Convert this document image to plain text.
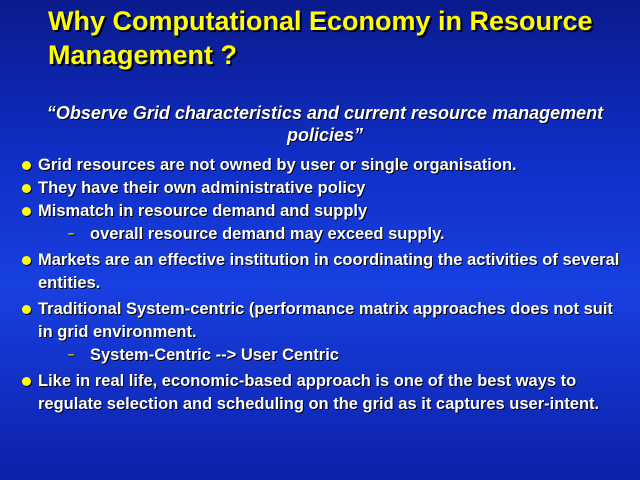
Why Computational Economy in Resource Management ?
“Observe Grid characteristics and current resource management policies”
Grid resources are not owned by user or single organisation.
They have their own administrative policy
Mismatch in resource demand and supply
– overall resource demand may exceed supply.
Markets are an effective institution in coordinating the activities of several entities.
Traditional System-centric (performance matrix approaches does not suit in grid environment.
– System-Centric --> User Centric
Like in real life, economic-based approach is one of the best ways to regulate selection and scheduling on the grid as it captures user-intent.
